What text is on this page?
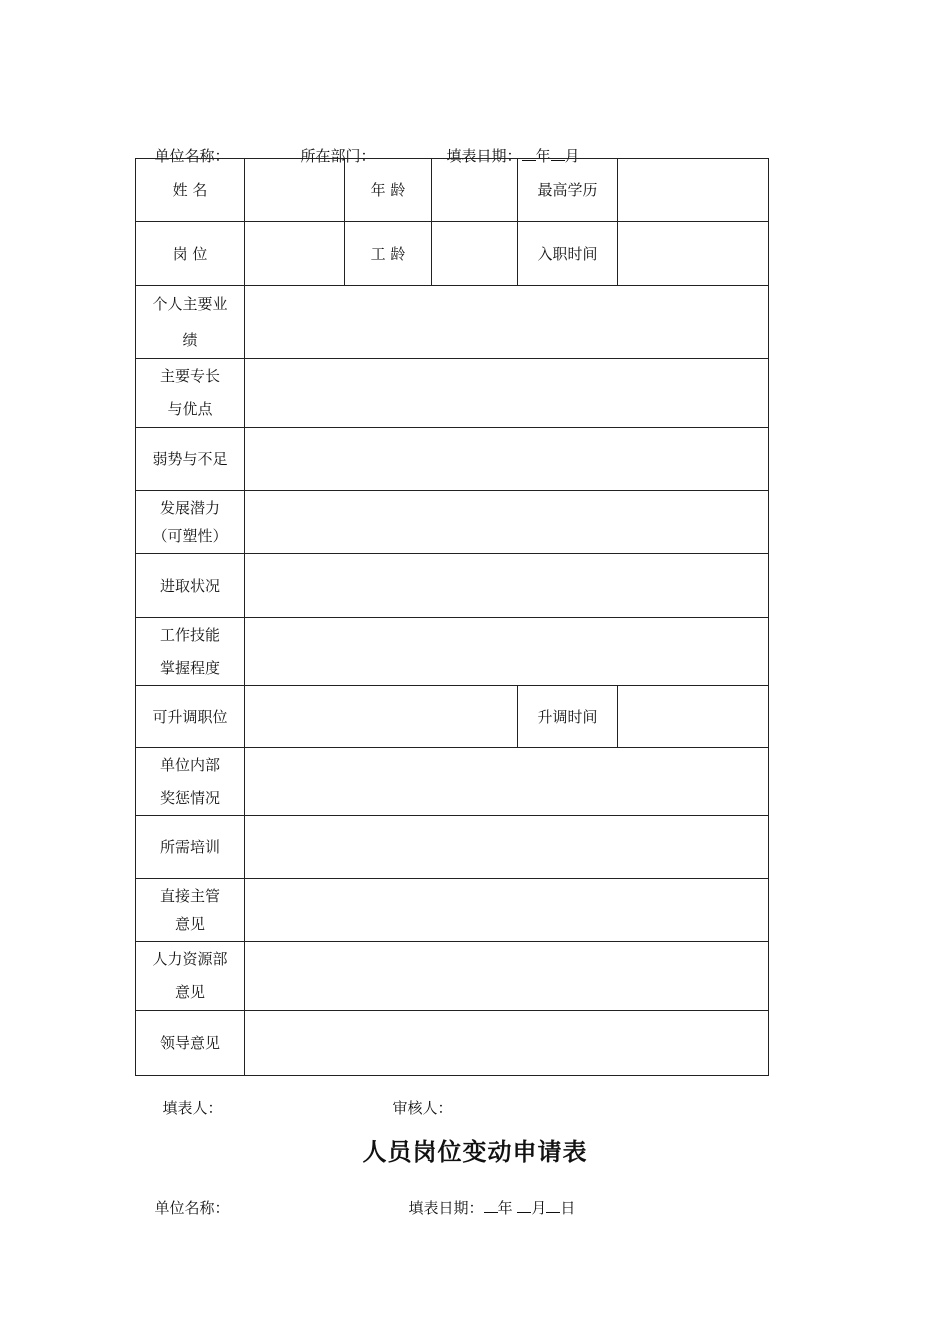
单位名称：	所在部门：	填表日期： 年 月

姓 名		年 龄		最高学历	
岗 位		工 龄		入职时间	

个人主要业
绩					

主要专长
与优点					

弱势与不足					

发展潜力
（可塑性）					

进取状况					

工作技能
掌握程度					

可升调职位				升调时间	

单位内部
奖惩情况					

所需培训					

直接主管
意见					

人力资源部
意见					

领导意见					

填表人：	审核人：

人员岗位变动申请表

单位名称：	填表日期： 年 月 日
